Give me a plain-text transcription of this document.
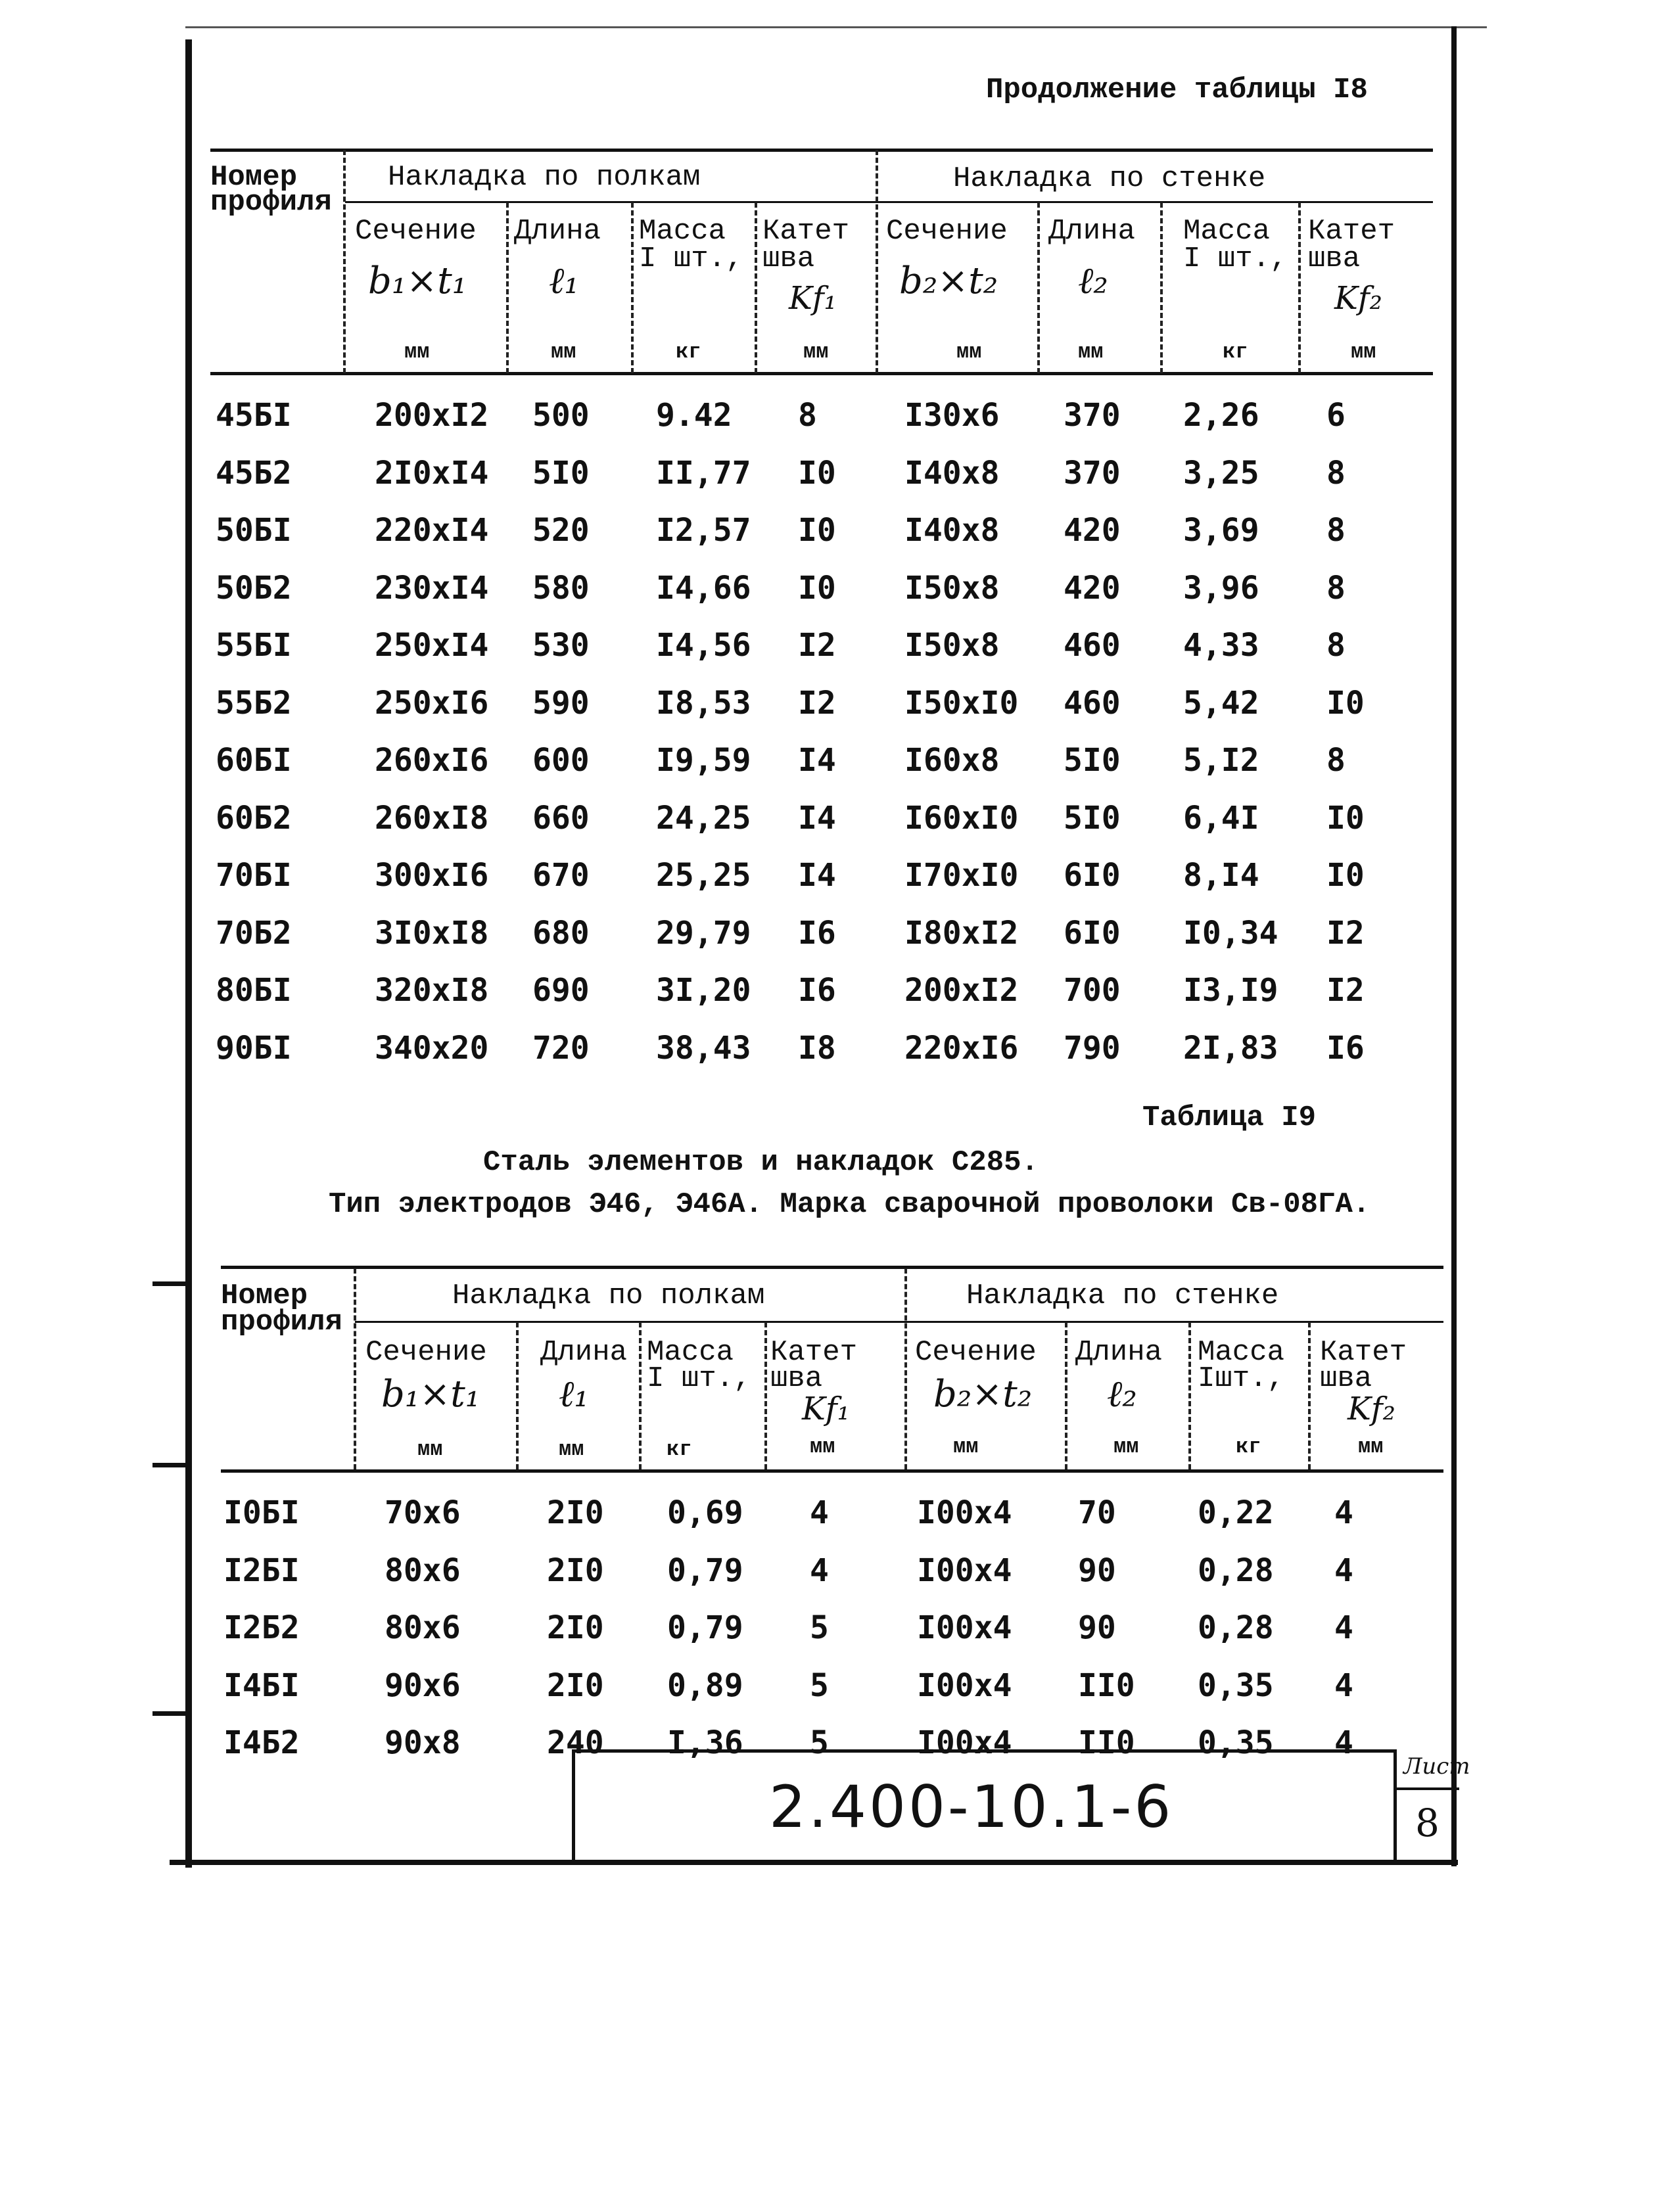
Продолжение таблицы I8
Номер
профиля
Накладка по полкам	Накладка по стенке
Сечение
b₁×t₁
мм
Длина
ℓ₁
мм
Масса
I шт.,
кг
Катет
шва
Kf₁
мм
Сечение
b₂×t₂
мм
Длина
ℓ₂
мм
Масса
I шт.,
кг
Катет
шва
Kf₂
мм
45БI	200xI2 500 9.42 8	I30x6 370 2,26 6
45Б2	2I0xI4 5I0 II,77 I0 I40x8 370 3,25 8
50БI	220xI4 520 I2,57 I0 I40x8 420 3,69 8
50Б2	230xI4 580 I4,66 I0 I50x8 420 3,96 8
55БI	250xI4 530 I4,56 I2 I50x8 460 4,33 8
55Б2	250xI6 590 I8,53 I2 I50xI0 460 5,42 I0
60БI	260xI6 600 I9,59 I4 I60x8 5I0 5,I2 8
60Б2	260xI8 660 24,25 I4 I60xI0 5I0 6,4I I0
70БI	300xI6 670 25,25 I4 I70xI0 6I0 8,I4 I0
70Б2	3I0xI8 680 29,79 I6 I80xI2 6I0 I0,34 I2
80БI	320xI8 690 3I,20 I6 200xI2 700 I3,I9 I2
90БI	340x20 720 38,43 I8 220xI6 790 2I,83 I6
Таблица I9
Сталь элементов и накладок С285.
Тип электродов Э46, Э46А. Марка сварочной проволоки Св-08ГА.
Номер
профиля
Накладка по полкам	Накладка по стенке
Сечение
b₁×t₁
мм
Длина
ℓ₁
мм
Масса
I шт.,
кг
Катет
шва
Kf₁
мм
Сечение
b₂×t₂
мм
Длина
ℓ₂
мм
Масса
Iшт.,
кг
Катет
шва
Kf₂
мм
I0БI	70x6	2I0 0,69 4	I00x4 70	0,22 4
I2БI	80x6	2I0 0,79 4	I00x4 90	0,28 4
I2Б2	80x6	2I0 0,79 5	I00x4 90	0,28 4
I4БI	90x6	2I0 0,89 5	I00x4 II0 0,35 4
I4Б2	90x8	240 I,36 5	I00x4 II0 0,35 4
2.400-10.1-6
Лист
8
